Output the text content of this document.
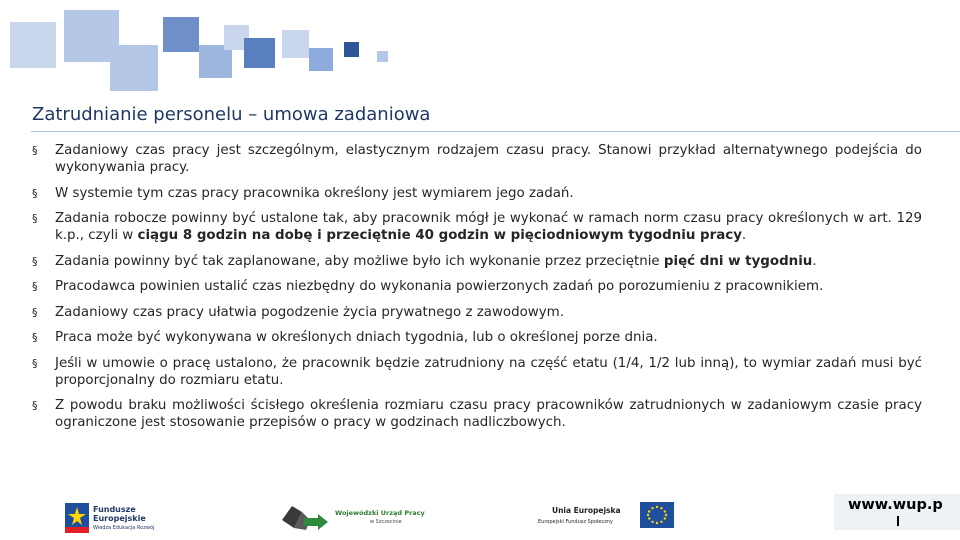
Zatrudnianie personelu – umowa zadaniowa
§ Zadaniowy czas pracy jest szczególnym, elastycznym rodzajem czasu pracy. Stanowi przykład alternatywnego podejścia do wykonywania pracy.
§ W systemie tym czas pracy pracownika określony jest wymiarem jego zadań.
§ Zadania robocze powinny być ustalone tak, aby pracownik mógł je wykonać w ramach norm czasu pracy określonych w art. 129 k.p., czyli w ciągu 8 godzin na dobę i przeciętnie 40 godzin w pięciodniowym tygodniu pracy.
§ Zadania powinny być tak zaplanowane, aby możliwe było ich wykonanie przez przeciętnie pięć dni w tygodniu.
§ Pracodawca powinien ustalić czas niezbędny do wykonania powierzonych zadań po porozumieniu z pracownikiem.
§ Zadaniowy czas pracy ułatwia pogodzenie życia prywatnego z zawodowym.
§ Praca może być wykonywana w określonych dniach tygodnia, lub o określonej porze dnia.
§ Jeśli w umowie o pracę ustalono, że pracownik będzie zatrudniony na część etatu (1/4, 1/2 lub inną), to wymiar zadań musi być proporcjonalny do rozmiaru etatu.
§ Z powodu braku możliwości ścisłego określenia rozmiaru czasu pracy pracowników zatrudnionych w zadaniowym czasie pracy ograniczone jest stosowanie przepisów o pracy w godzinach nadliczbowych.
Fundusze
Europejskie
Wiedza Edukacja Rozwój
Wojewódzki Urząd Pracy
w Szczecinie
Unia Europejska
Europejski Fundusz Społeczny
www.wup.p
